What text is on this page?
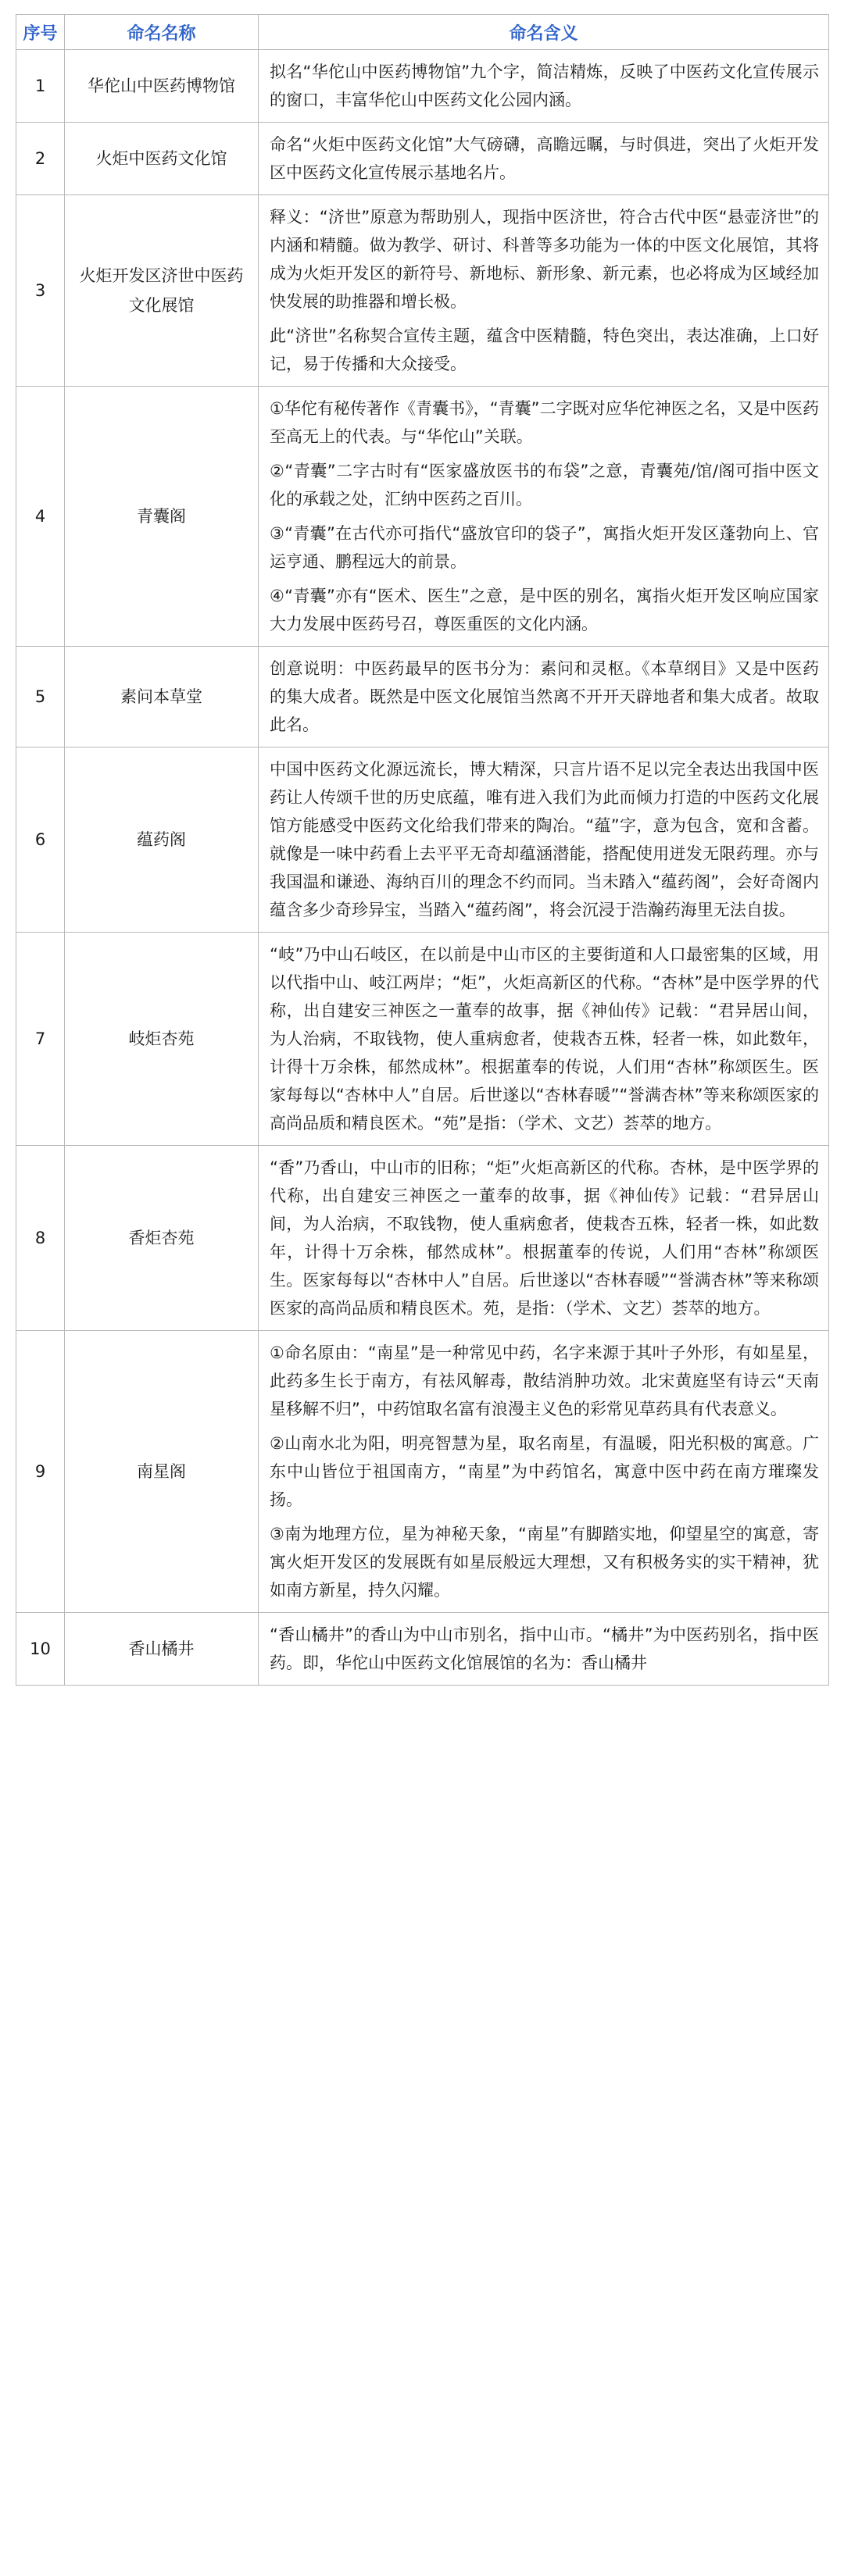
序号	命名名称	命名含义
1	华佗山中医药博物馆	拟名“华佗山中医药博物馆”九个字，简洁精炼，反映了中医药文化宣传展示的窗口，丰富华佗山中医药文化公园内涵。

2	火炬中医药文化馆	命名“火炬中医药文化馆”大气磅礴，高瞻远瞩，与时俱进，突出了火炬开发区中医药文化宣传展示基地名片。

3	火炬开发区济世中医药文化展馆	释义：“济世”原意为帮助别人，现指中医济世，符合古代中医“悬壶济世”的内涵和精髓。做为教学、研讨、科普等多功能为一体的中医文化展馆，其将成为火炬开发区的新符号、新地标、新形象、新元素，也必将成为区域经加快发展的助推器和增长极。

此“济世”名称契合宣传主题，蕴含中医精髓，特色突出，表达准确，上口好记，易于传播和大众接受。

4	青囊阁	①华佗有秘传著作《青囊书》，“青囊”二字既对应华佗神医之名，又是中医药至高无上的代表。与“华佗山”关联。

②“青囊”二字古时有“医家盛放医书的布袋”之意，青囊苑/馆/阁可指中医文化的承载之处，汇纳中医药之百川。

③“青囊”在古代亦可指代“盛放官印的袋子”，寓指火炬开发区蓬勃向上、官运亨通、鹏程远大的前景。

④“青囊”亦有“医术、医生”之意，是中医的别名，寓指火炬开发区响应国家大力发展中医药号召，尊医重医的文化内涵。

5	素问本草堂	创意说明：中医药最早的医书分为：素问和灵枢。《本草纲目》又是中医药的集大成者。既然是中医文化展馆当然离不开开天辟地者和集大成者。故取此名。

6	蕴药阁	中国中医药文化源远流长，博大精深，只言片语不足以完全表达出我国中医药让人传颂千世的历史底蕴，唯有进入我们为此而倾力打造的中医药文化展馆方能感受中医药文化给我们带来的陶冶。“蕴”字，意为包含，宽和含蓄。就像是一味中药看上去平平无奇却蕴涵潜能，搭配使用迸发无限药理。亦与我国温和谦逊、海纳百川的理念不约而同。当未踏入“蕴药阁”，会好奇阁内蕴含多少奇珍异宝，当踏入“蕴药阁”，将会沉浸于浩瀚药海里无法自拔。

7	岐炬杏苑	“岐”乃中山石岐区，在以前是中山市区的主要街道和人口最密集的区域，用以代指中山、岐江两岸；“炬”，火炬高新区的代称。“杏林”是中医学界的代称，出自建安三神医之一董奉的故事，据《神仙传》记载：“君异居山间，为人治病，不取钱物，使人重病愈者，使栽杏五株，轻者一株，如此数年，计得十万余株，郁然成林”。根据董奉的传说，人们用“杏林”称颂医生。医家每每以“杏林中人”自居。后世遂以“杏林春暖”“誉满杏林”等来称颂医家的高尚品质和精良医术。“苑”是指：（学术、文艺）荟萃的地方。

8	香炬杏苑	“香”乃香山，中山市的旧称；“炬”火炬高新区的代称。杏林，是中医学界的代称，出自建安三神医之一董奉的故事，据《神仙传》记载：“君异居山间，为人治病，不取钱物，使人重病愈者，使栽杏五株，轻者一株，如此数年，计得十万余株，郁然成林”。根据董奉的传说，人们用“杏林”称颂医生。医家每每以“杏林中人”自居。后世遂以“杏林春暖”“誉满杏林”等来称颂医家的高尚品质和精良医术。苑，是指：（学术、文艺）荟萃的地方。

9	南星阁	①命名原由：“南星”是一种常见中药，名字来源于其叶子外形，有如星星，此药多生长于南方，有祛风解毒，散结消肿功效。北宋黄庭坚有诗云“天南星移解不归”，中药馆取名富有浪漫主义色的彩常见草药具有代表意义。

②山南水北为阳，明亮智慧为星，取名南星，有温暖，阳光积极的寓意。广东中山皆位于祖国南方，“南星”为中药馆名，寓意中医中药在南方璀璨发扬。

③南为地理方位，星为神秘天象，“南星”有脚踏实地，仰望星空的寓意，寄寓火炬开发区的发展既有如星辰般远大理想，又有积极务实的实干精神，犹如南方新星，持久闪耀。

10	香山橘井	“香山橘井”的香山为中山市别名，指中山市。“橘井”为中医药别名，指中医药。即，华佗山中医药文化馆展馆的名为：香山橘井
